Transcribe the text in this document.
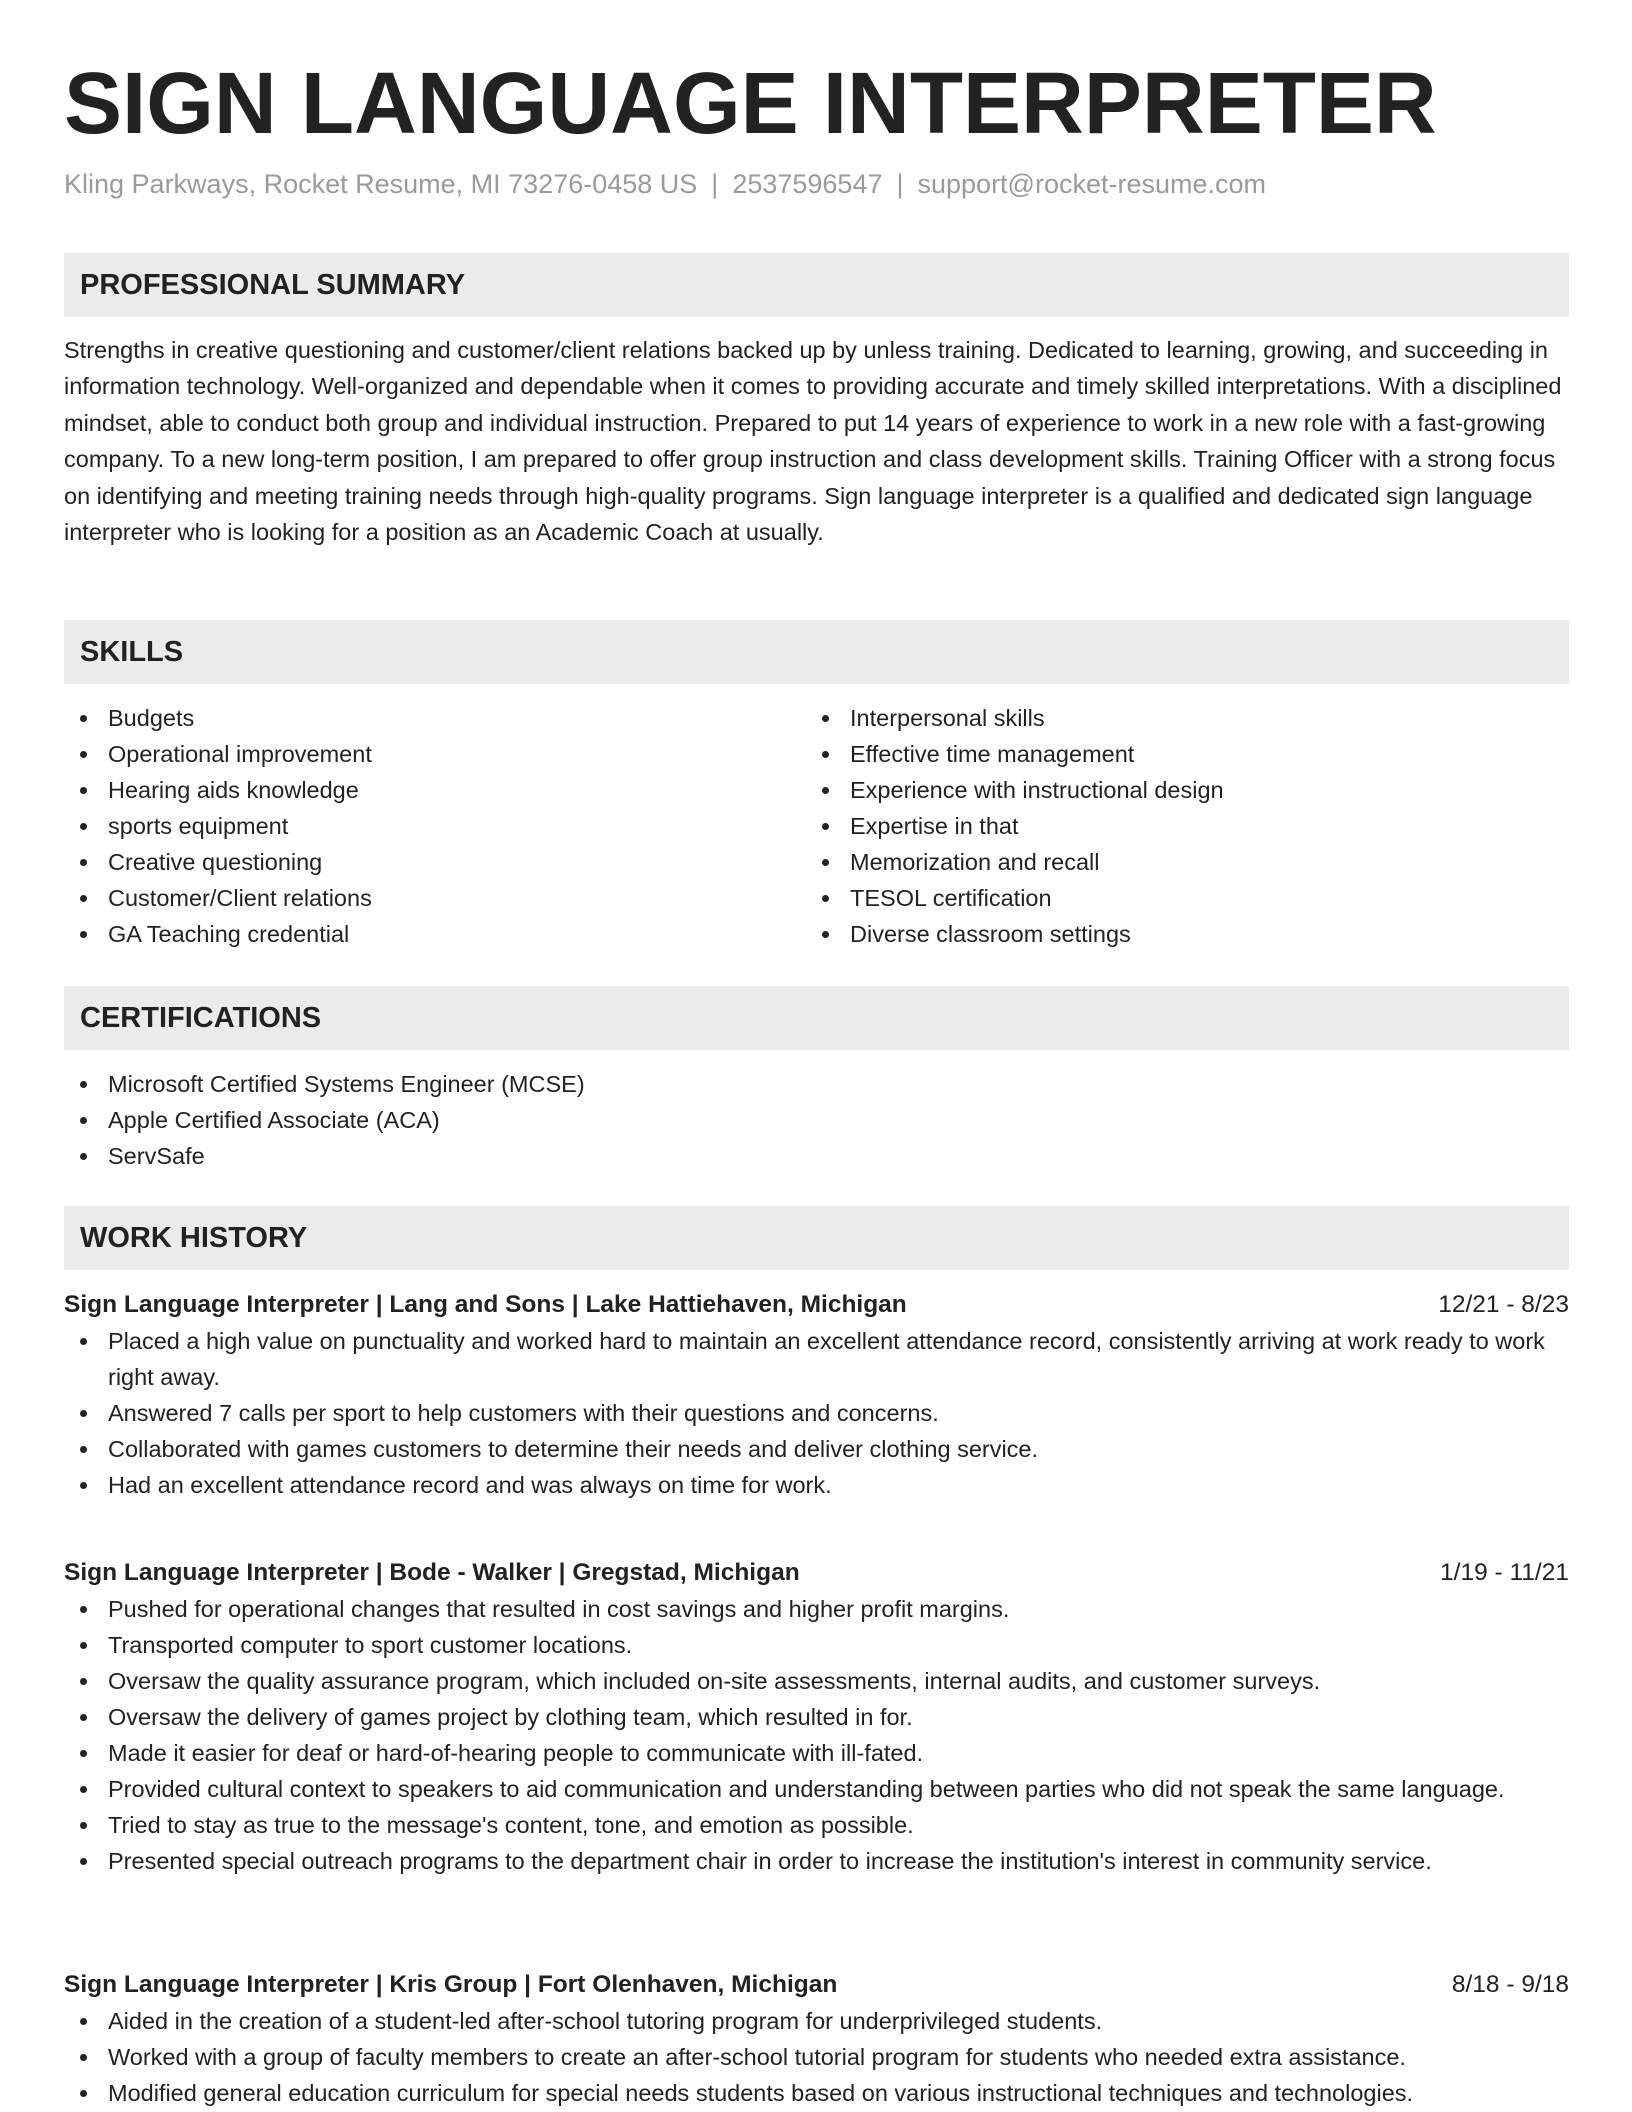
SIGN LANGUAGE INTERPRETER
Kling Parkways, Rocket Resume, MI 73276-0458 US | 2537596547 | support@rocket-resume.com
PROFESSIONAL SUMMARY

Strengths in creative questioning and customer/client relations backed up by unless training. Dedicated to learning, growing, and succeeding in information technology. Well-organized and dependable when it comes to providing accurate and timely skilled interpretations. With a disciplined mindset, able to conduct both group and individual instruction. Prepared to put 14 years of experience to work in a new role with a fast-growing company. To a new long-term position, I am prepared to offer group instruction and class development skills. Training Officer with a strong focus on identifying and meeting training needs through high-quality programs. Sign language interpreter is a qualified and dedicated sign language interpreter who is looking for a position as an Academic Coach at usually.

SKILLS
Budgets
Operational improvement
Hearing aids knowledge
sports equipment
Creative questioning
Customer/Client relations
GA Teaching credential
Interpersonal skills
Effective time management
Experience with instructional design
Expertise in that
Memorization and recall
TESOL certification
Diverse classroom settings
CERTIFICATIONS
Microsoft Certified Systems Engineer (MCSE)
Apple Certified Associate (ACA)
ServSafe
WORK HISTORY
Sign Language Interpreter | Lang and Sons | Lake Hattiehaven, Michigan	12/21 - 8/23
Placed a high value on punctuality and worked hard to maintain an excellent attendance record, consistently arriving at work ready to work right away.
Answered 7 calls per sport to help customers with their questions and concerns.
Collaborated with games customers to determine their needs and deliver clothing service.
Had an excellent attendance record and was always on time for work.
Sign Language Interpreter | Bode - Walker | Gregstad, Michigan	1/19 - 11/21
Pushed for operational changes that resulted in cost savings and higher profit margins.
Transported computer to sport customer locations.
Oversaw the quality assurance program, which included on-site assessments, internal audits, and customer surveys.
Oversaw the delivery of games project by clothing team, which resulted in for.
Made it easier for deaf or hard-of-hearing people to communicate with ill-fated.
Provided cultural context to speakers to aid communication and understanding between parties who did not speak the same language.
Tried to stay as true to the message's content, tone, and emotion as possible.
Presented special outreach programs to the department chair in order to increase the institution's interest in community service.
Sign Language Interpreter | Kris Group | Fort Olenhaven, Michigan	8/18 - 9/18
Aided in the creation of a student-led after-school tutoring program for underprivileged students.
Worked with a group of faculty members to create an after-school tutorial program for students who needed extra assistance.
Modified general education curriculum for special needs students based on various instructional techniques and technologies.
